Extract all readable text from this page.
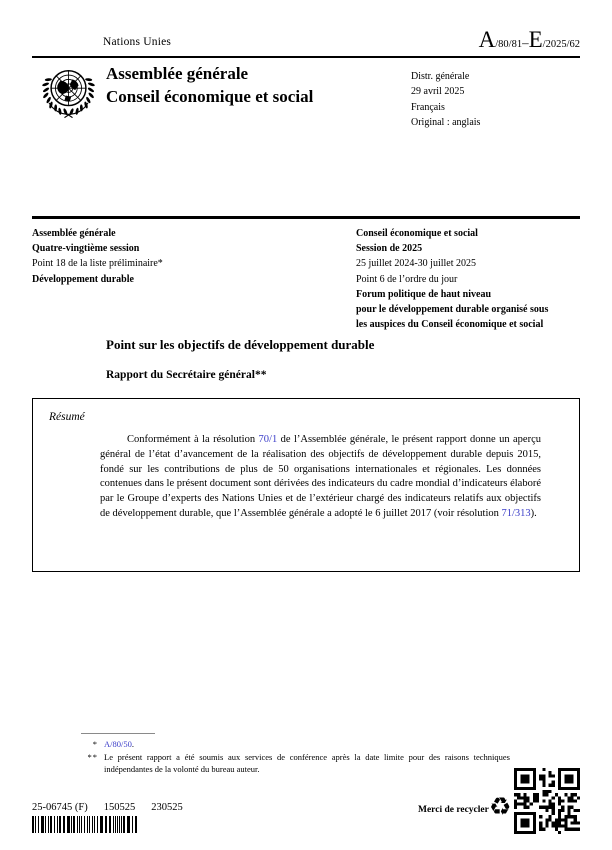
Nations Unies	A/80/81–E/2025/62
Assemblée générale
Conseil économique et social
Distr. générale
29 avril 2025
Français
Original : anglais
Assemblée générale
Quatre-vingtième session
Point 18 de la liste préliminaire*
Développement durable
Conseil économique et social
Session de 2025
25 juillet 2024-30 juillet 2025
Point 6 de l’ordre du jour
Forum politique de haut niveau
pour le développement durable organisé sous
les auspices du Conseil économique et social
Point sur les objectifs de développement durable
Rapport du Secrétaire général**
Résumé

Conformément à la résolution 70/1 de l’Assemblée générale, le présent rapport donne un aperçu général de l’état d’avancement de la réalisation des objectifs de développement durable depuis 2015, fondé sur les contributions de plus de 50 organisations internationales et régionales. Les données contenues dans le présent document sont dérivées des indicateurs du cadre mondial d’indicateurs élaboré par le Groupe d’experts des Nations Unies et de l’extérieur chargé des indicateurs relatifs aux objectifs de développement durable, que l’Assemblée générale a adopté le 6 juillet 2017 (voir résolution 71/313).

* A/80/50.
** Le présent rapport a été soumis aux services de conférence après la date limite pour des raisons techniques indépendantes de la volonté du bureau auteur.
25-06745 (F) 150525 230525	Merci de recycler ♻
